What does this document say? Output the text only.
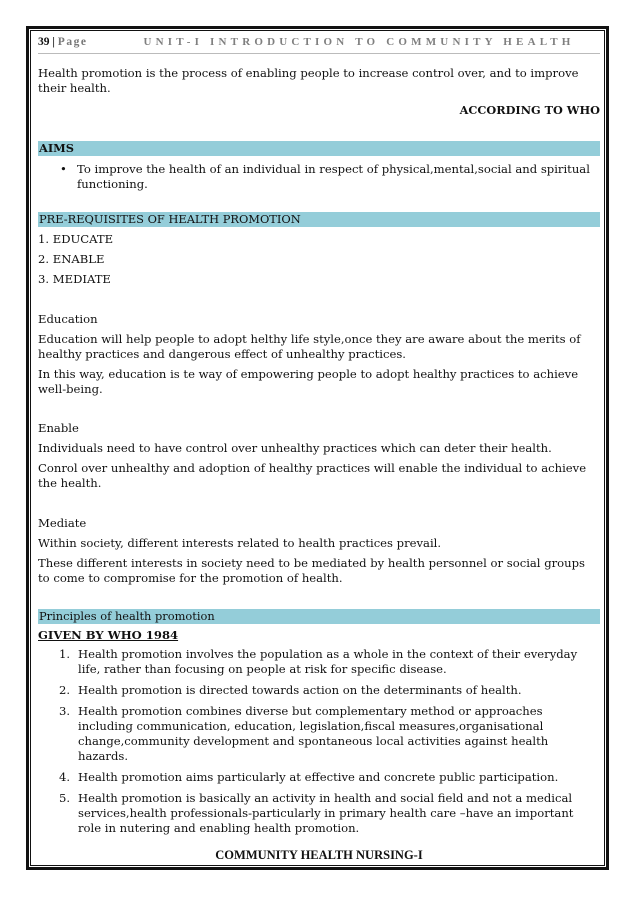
39 | Page	UNIT-I INTRODUCTION TO COMMUNITY HEALTH

Health promotion is the process of enabling people to increase control over, and to improve their health.

ACCORDING TO WHO
AIMS
• To improve the health of an individual in respect of physical,mental,social and spiritual functioning.
PRE-REQUISITES OF HEALTH PROMOTION
1. EDUCATE
2. ENABLE
3. MEDIATE
Education

Education will help people to adopt helthy life style,once they are aware about the merits of healthy practices and dangerous effect of unhealthy practices.

In this way, education is te way of empowering people to adopt healthy practices to achieve well-being.

Enable

Individuals need to have control over unhealthy practices which can deter their health.

Conrol over unhealthy and adoption of healthy practices will enable the individual to achieve the health.

Mediate

Within society, different interests related to health practices prevail.

These different interests in society need to be mediated by health personnel or social groups to come to compromise for the promotion of health.

Principles of health promotion
GIVEN BY WHO 1984
1. Health promotion involves the population as a whole in the context of their everyday life, rather than focusing on people at risk for specific disease.
2. Health promotion is directed towards action on the determinants of health.
3. Health promotion combines diverse but complementary method or approaches including communication, education, legislation,fiscal measures,organisational change,community development and spontaneous local activities against health hazards.
4. Health promotion aims particularly at effective and concrete public participation.
5. Health promotion is basically an activity in health and social field and not a medical services,health professionals-particularly in primary health care –have an important role in nutering and enabling health promotion.
COMMUNITY HEALTH NURSING-I
